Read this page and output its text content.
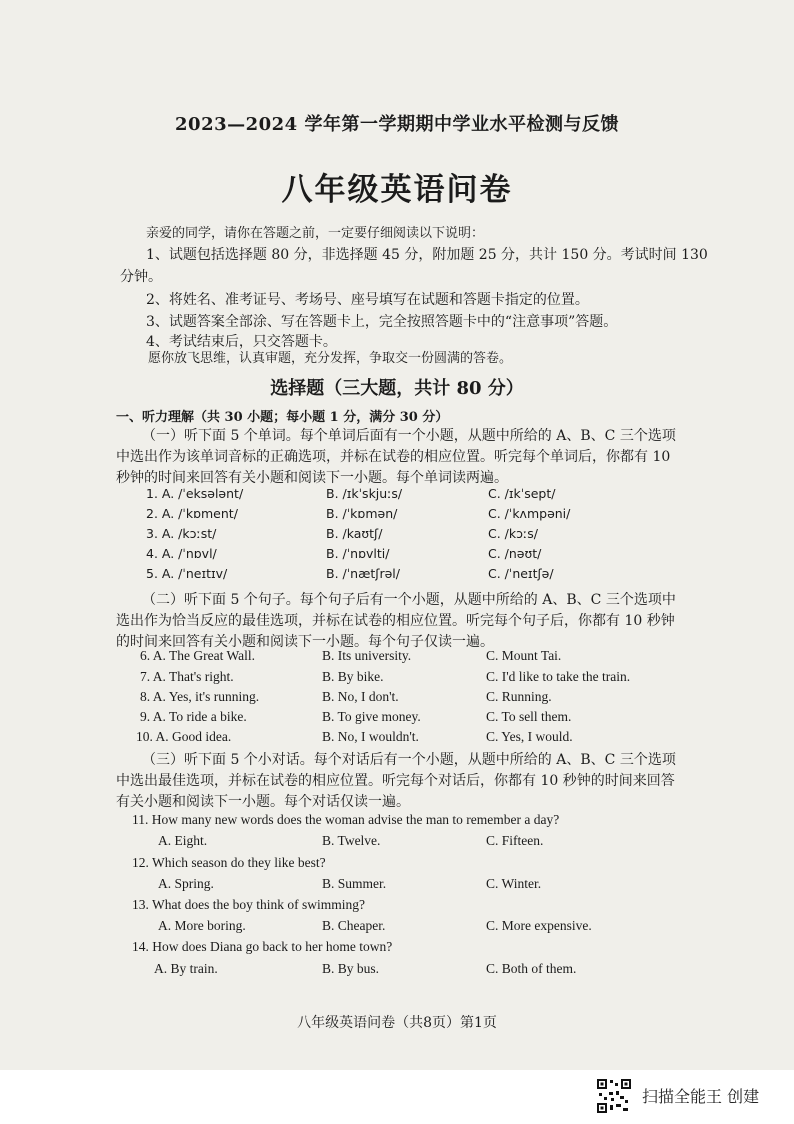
2023—2024 学年第一学期期中学业水平检测与反馈
八年级英语问卷
亲爱的同学，请你在答题之前，一定要仔细阅读以下说明：
1、试题包括选择题 80 分，非选择题 45 分，附加题 25 分，共计 150 分。考试时间 130
分钟。
2、将姓名、准考证号、考场号、座号填写在试题和答题卡指定的位置。
3、试题答案全部涂、写在答题卡上，完全按照答题卡中的“注意事项”答题。
4、考试结束后，只交答题卡。
愿你放飞思维，认真审题，充分发挥，争取交一份圆满的答卷。
选择题（三大题，共计 80 分）
一、听力理解（共 30 小题；每小题 1 分，满分 30 分）
（一）听下面 5 个单词。每个单词后面有一个小题，从题中所给的 A、B、C 三个选项中选出作为该单词音标的正确选项，并标在试卷的相应位置。听完每个单词后，你都有 10 秒钟的时间来回答有关小题和阅读下一小题。每个单词读两遍。
1. A. /ˈeksələnt/	B. /ɪkˈskjuːs/	C. /ɪkˈsept/
2. A. /ˈkɒment/	B. /ˈkɒmən/	C. /ˈkʌmpəni/
3. A. /kɔːst/	B. /kaʊtʃ/	C. /kɔːs/
4. A. /ˈnɒvl/	B. /ˈnɒvlti/	C. /nəʊt/
5. A. /ˈneɪtɪv/	B. /ˈnætʃrəl/	C. /ˈneɪtʃə/
（二）听下面 5 个句子。每个句子后有一个小题，从题中所给的 A、B、C 三个选项中选出作为恰当反应的最佳选项，并标在试卷的相应位置。听完每个句子后，你都有 10 秒钟的时间来回答有关小题和阅读下一小题。每个句子仅读一遍。
6. A. The Great Wall.	B. Its university.	C. Mount Tai.
7. A. That's right.	B. By bike.	C. I'd like to take the train.
8. A. Yes, it's running.	B. No, I don't.	C. Running.
9. A. To ride a bike.	B. To give money.	C. To sell them.
10. A. Good idea.	B. No, I wouldn't.	C. Yes, I would.
（三）听下面 5 个小对话。每个对话后有一个小题，从题中所给的 A、B、C 三个选项中选出最佳选项，并标在试卷的相应位置。听完每个对话后，你都有 10 秒钟的时间来回答有关小题和阅读下一小题。每个对话仅读一遍。
11. How many new words does the woman advise the man to remember a day?
A. Eight.	B. Twelve.	C. Fifteen.
12. Which season do they like best?
A. Spring.	B. Summer.	C. Winter.
13. What does the boy think of swimming?
A. More boring.	B. Cheaper.	C. More expensive.
14. How does Diana go back to her home town?
A. By train.	B. By bus.	C. Both of them.
八年级英语问卷（共8页）第1页
扫描全能王 创建
